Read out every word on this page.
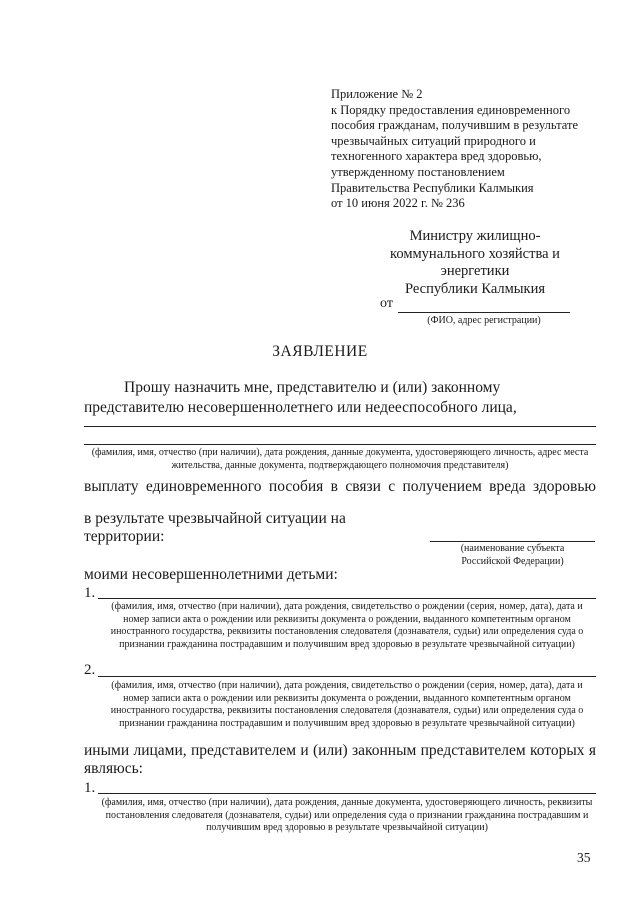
Приложение № 2
к Порядку предоставления единовременного
пособия гражданам, получившим в результате
чрезвычайных ситуаций природного и
техногенного характера вред здоровью,
утвержденному постановлением
Правительства Республики Калмыкия
от 10 июня 2022 г. № 236
Министру жилищно-
коммунального хозяйства и
энергетики
Республики Калмыкия
от
(ФИО, адрес регистрации)
ЗАЯВЛЕНИЕ
Прошу назначить мне, представителю и (или) законному представителю несовершеннолетнего или недееспособного лица,
(фамилия, имя, отчество (при наличии), дата рождения, данные документа, удостоверяющего личность, адрес места жительства, данные документа, подтверждающего полномочия представителя)
выплату единовременного пособия в связи с получением вреда здоровью
в результате чрезвычайной ситуации на
территории:
(наименование субъекта Российской Федерации)
моими несовершеннолетними детьми:
1.
(фамилия, имя, отчество (при наличии), дата рождения, свидетельство о рождении (серия, номер, дата), дата и номер записи акта о рождении или реквизиты документа о рождении, выданного компетентным органом иностранного государства, реквизиты постановления следователя (дознавателя, судьи) или определения суда о признании гражданина пострадавшим и получившим вред здоровью в результате чрезвычайной ситуации)
2.
(фамилия, имя, отчество (при наличии), дата рождения, свидетельство о рождении (серия, номер, дата), дата и номер записи акта о рождении или реквизиты документа о рождении, выданного компетентным органом иностранного государства, реквизиты постановления следователя (дознавателя, судьи) или определения суда о признании гражданина пострадавшим и получившим вред здоровью в результате чрезвычайной ситуации)
иными лицами, представителем и (или) законным представителем которых я
являюсь:
1.
(фамилия, имя, отчество (при наличии), дата рождения, данные документа, удостоверяющего личность, реквизиты постановления следователя (дознавателя, судьи) или определения суда о признании гражданина пострадавшим и получившим вред здоровью в результате чрезвычайной ситуации)
35
